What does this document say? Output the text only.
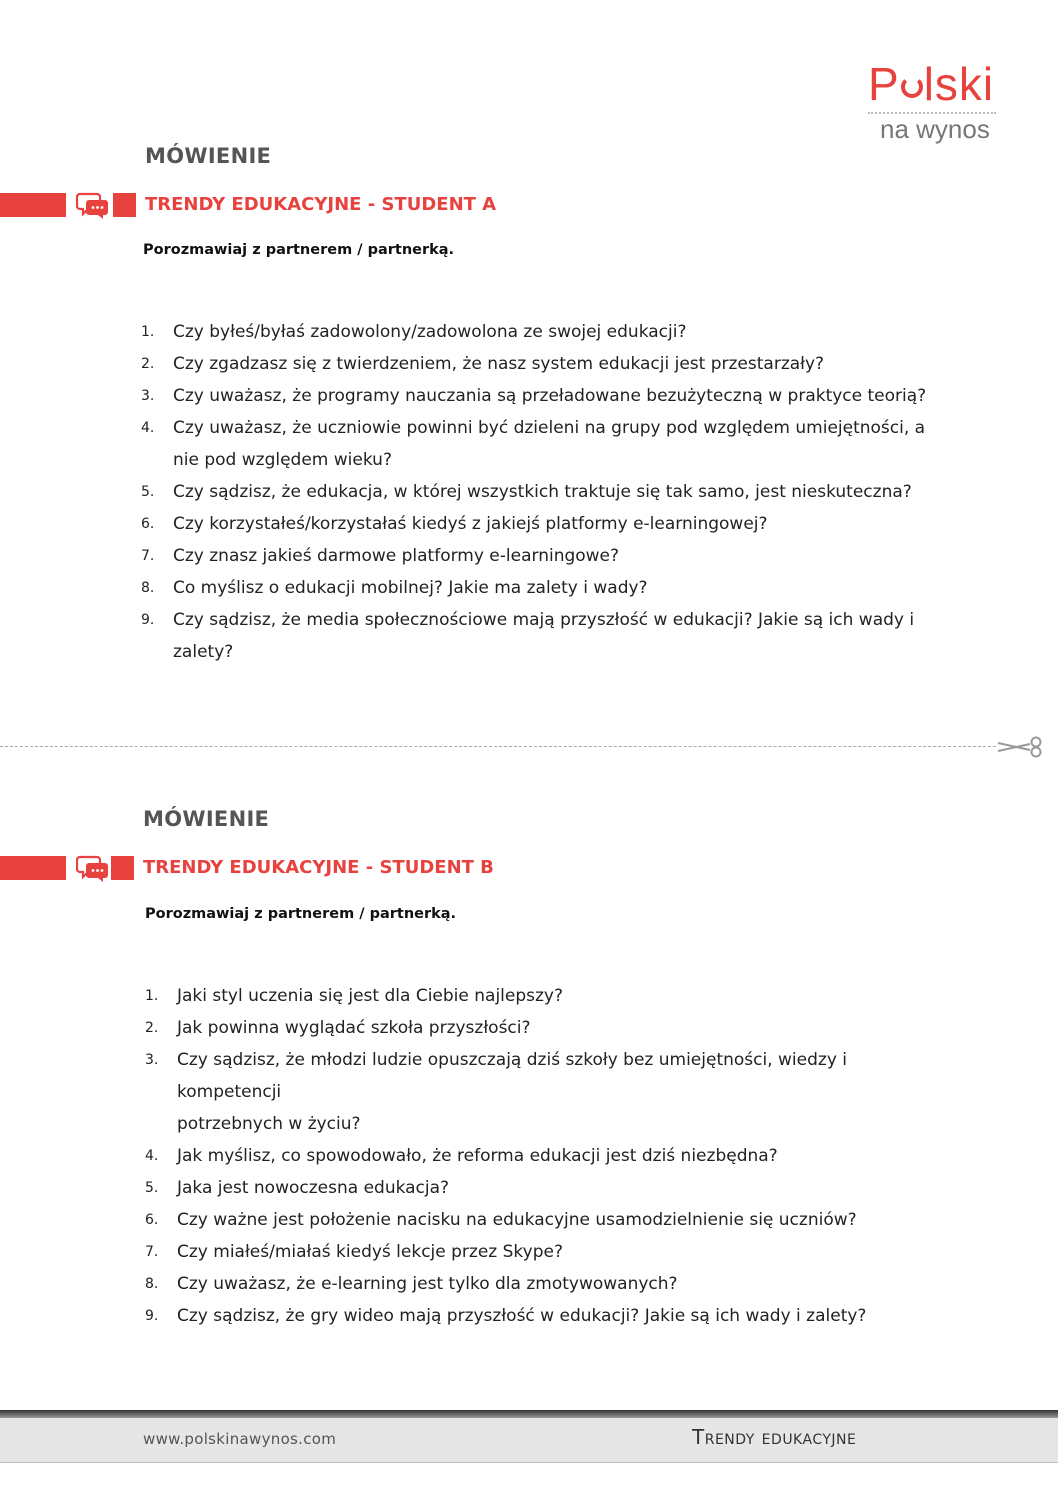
P lski
na wynos
MÓWIENIE
TRENDY EDUKACYJNE - STUDENT A
Porozmawiaj z partnerem / partnerką.
1. Czy byłeś/byłaś zadowolony/zadowolona ze swojej edukacji?
2. Czy zgadzasz się z twierdzeniem, że nasz system edukacji jest przestarzały?
3. Czy uważasz, że programy nauczania są przeładowane bezużyteczną w praktyce teorią?
4. Czy uważasz, że uczniowie powinni być dzieleni na grupy pod względem umiejętności, a
nie pod względem wieku?
5. Czy sądzisz, że edukacja, w której wszystkich traktuje się tak samo, jest nieskuteczna?
6. Czy korzystałeś/korzystałaś kiedyś z jakiejś platformy e-learningowej?
7. Czy znasz jakieś darmowe platformy e-learningowe?
8. Co myślisz o edukacji mobilnej? Jakie ma zalety i wady?
9. Czy sądzisz, że media społecznościowe mają przyszłość w edukacji? Jakie są ich wady i
zalety?
MÓWIENIE
TRENDY EDUKACYJNE - STUDENT B
Porozmawiaj z partnerem / partnerką.
1. Jaki styl uczenia się jest dla Ciebie najlepszy?
2. Jak powinna wyglądać szkoła przyszłości?
3. Czy sądzisz, że młodzi ludzie opuszczają dziś szkoły bez umiejętności, wiedzy i kompetencji
potrzebnych w życiu?
4. Jak myślisz, co spowodowało, że reforma edukacji jest dziś niezbędna?
5. Jaka jest nowoczesna edukacja?
6. Czy ważne jest położenie nacisku na edukacyjne usamodzielnienie się uczniów?
7. Czy miałeś/miałaś kiedyś lekcje przez Skype?
8. Czy uważasz, że e-learning jest tylko dla zmotywowanych?
9. Czy sądzisz, że gry wideo mają przyszłość w edukacji? Jakie są ich wady i zalety?
www.polskinawynos.com	Trendy edukacyjne
